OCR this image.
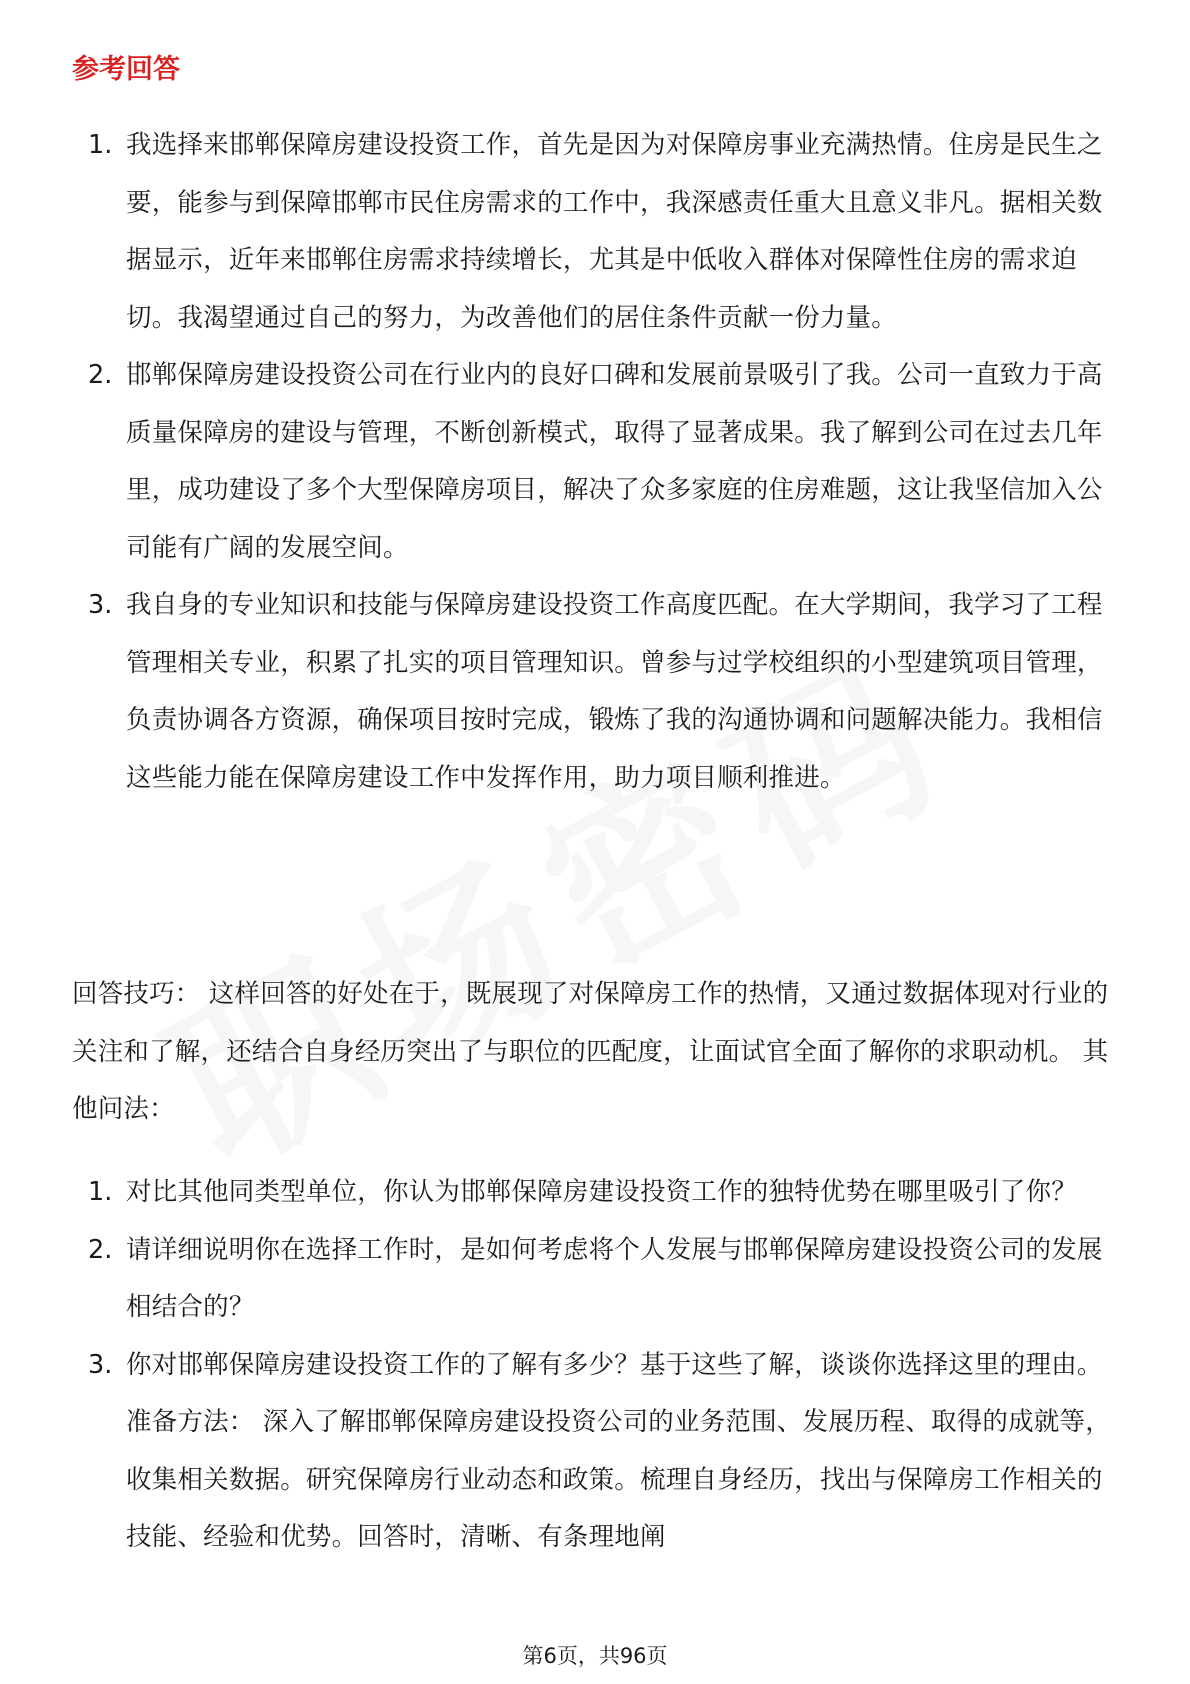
参考回答
1. 我选择来邯郸保障房建设投资工作，首先是因为对保障房事业充满热情。住房是民生之要，能参与到保障邯郸市民住房需求的工作中，我深感责任重大且意义非凡。据相关数据显示，近年来邯郸住房需求持续增长，尤其是中低收入群体对保障性住房的需求迫切。我渴望通过自己的努力，为改善他们的居住条件贡献一份力量。
2. 邯郸保障房建设投资公司在行业内的良好口碑和发展前景吸引了我。公司一直致力于高质量保障房的建设与管理，不断创新模式，取得了显著成果。我了解到公司在过去几年里，成功建设了多个大型保障房项目，解决了众多家庭的住房难题，这让我坚信加入公司能有广阔的发展空间。
3. 我自身的专业知识和技能与保障房建设投资工作高度匹配。在大学期间，我学习了工程管理相关专业，积累了扎实的项目管理知识。曾参与过学校组织的小型建筑项目管理，负责协调各方资源，确保项目按时完成，锻炼了我的沟通协调和问题解决能力。我相信这些能力能在保障房建设工作中发挥作用，助力项目顺利推进。
回答技巧： 这样回答的好处在于，既展现了对保障房工作的热情，又通过数据体现对行业的关注和了解，还结合自身经历突出了与职位的匹配度，让面试官全面了解你的求职动机。 其他问法：
1. 对比其他同类型单位，你认为邯郸保障房建设投资工作的独特优势在哪里吸引了你？
2. 请详细说明你在选择工作时，是如何考虑将个人发展与邯郸保障房建设投资公司的发展相结合的？
3. 你对邯郸保障房建设投资工作的了解有多少？基于这些了解，谈谈你选择这里的理由。 准备方法： 深入了解邯郸保障房建设投资公司的业务范围、发展历程、取得的成就等，收集相关数据。研究保障房行业动态和政策。梳理自身经历，找出与保障房工作相关的技能、经验和优势。回答时，清晰、有条理地阐
第6页，共96页
